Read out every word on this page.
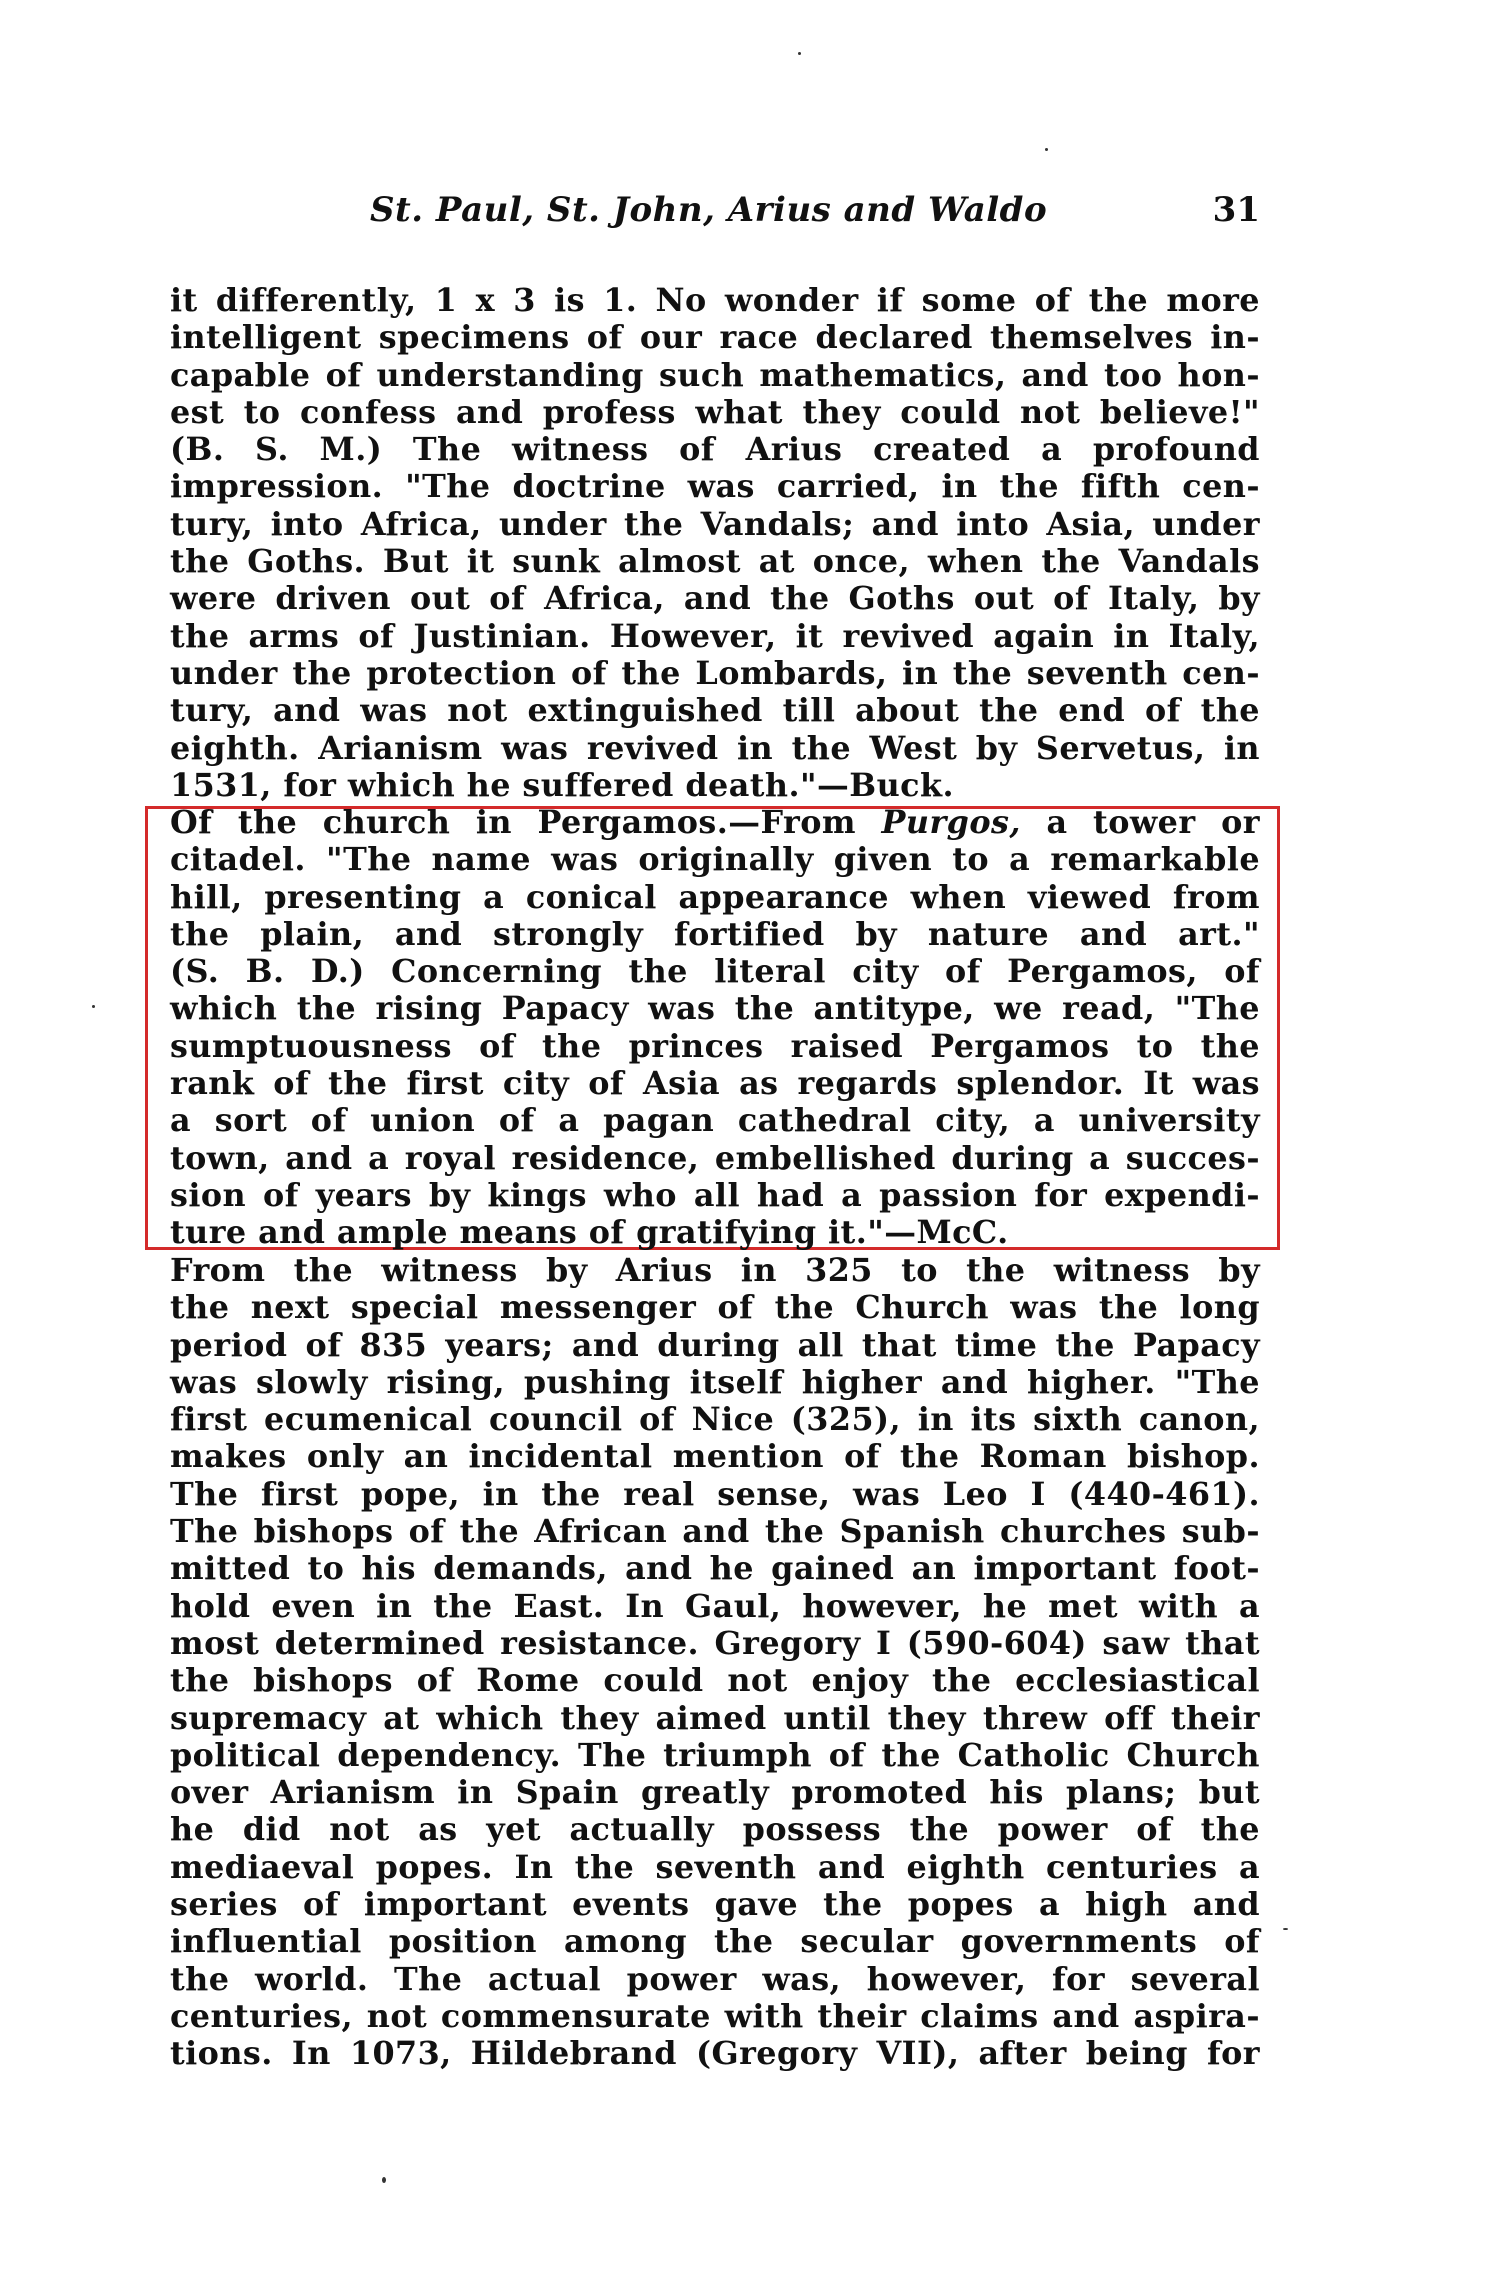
St. Paul, St. John, Arius and Waldo	31
it differently, 1 x 3 is 1. No wonder if some of the more
intelligent specimens of our race declared themselves in-
capable of understanding such mathematics, and too hon-
est to confess and profess what they could not believe!"
(B. S. M.) The witness of Arius created a profound
impression. "The doctrine was carried, in the fifth cen-
tury, into Africa, under the Vandals; and into Asia, under
the Goths. But it sunk almost at once, when the Vandals
were driven out of Africa, and the Goths out of Italy, by
the arms of Justinian. However, it revived again in Italy,
under the protection of the Lombards, in the seventh cen-
tury, and was not extinguished till about the end of the
eighth. Arianism was revived in the West by Servetus, in
1531, for which he suffered death."—Buck.
Of the church in Pergamos.—From Purgos, a tower or
citadel. "The name was originally given to a remarkable
hill, presenting a conical appearance when viewed from
the plain, and strongly fortified by nature and art."
(S. B. D.) Concerning the literal city of Pergamos, of
which the rising Papacy was the antitype, we read, "The
sumptuousness of the princes raised Pergamos to the
rank of the first city of Asia as regards splendor. It was
a sort of union of a pagan cathedral city, a university
town, and a royal residence, embellished during a succes-
sion of years by kings who all had a passion for expendi-
ture and ample means of gratifying it."—McC.
From the witness by Arius in 325 to the witness by
the next special messenger of the Church was the long
period of 835 years; and during all that time the Papacy
was slowly rising, pushing itself higher and higher. "The
first ecumenical council of Nice (325), in its sixth canon,
makes only an incidental mention of the Roman bishop.
The first pope, in the real sense, was Leo I (440-461).
The bishops of the African and the Spanish churches sub-
mitted to his demands, and he gained an important foot-
hold even in the East. In Gaul, however, he met with a
most determined resistance. Gregory I (590-604) saw that
the bishops of Rome could not enjoy the ecclesiastical
supremacy at which they aimed until they threw off their
political dependency. The triumph of the Catholic Church
over Arianism in Spain greatly promoted his plans; but
he did not as yet actually possess the power of the
mediaeval popes. In the seventh and eighth centuries a
series of important events gave the popes a high and
influential position among the secular governments of
the world. The actual power was, however, for several
centuries, not commensurate with their claims and aspira-
tions. In 1073, Hildebrand (Gregory VII), after being for
